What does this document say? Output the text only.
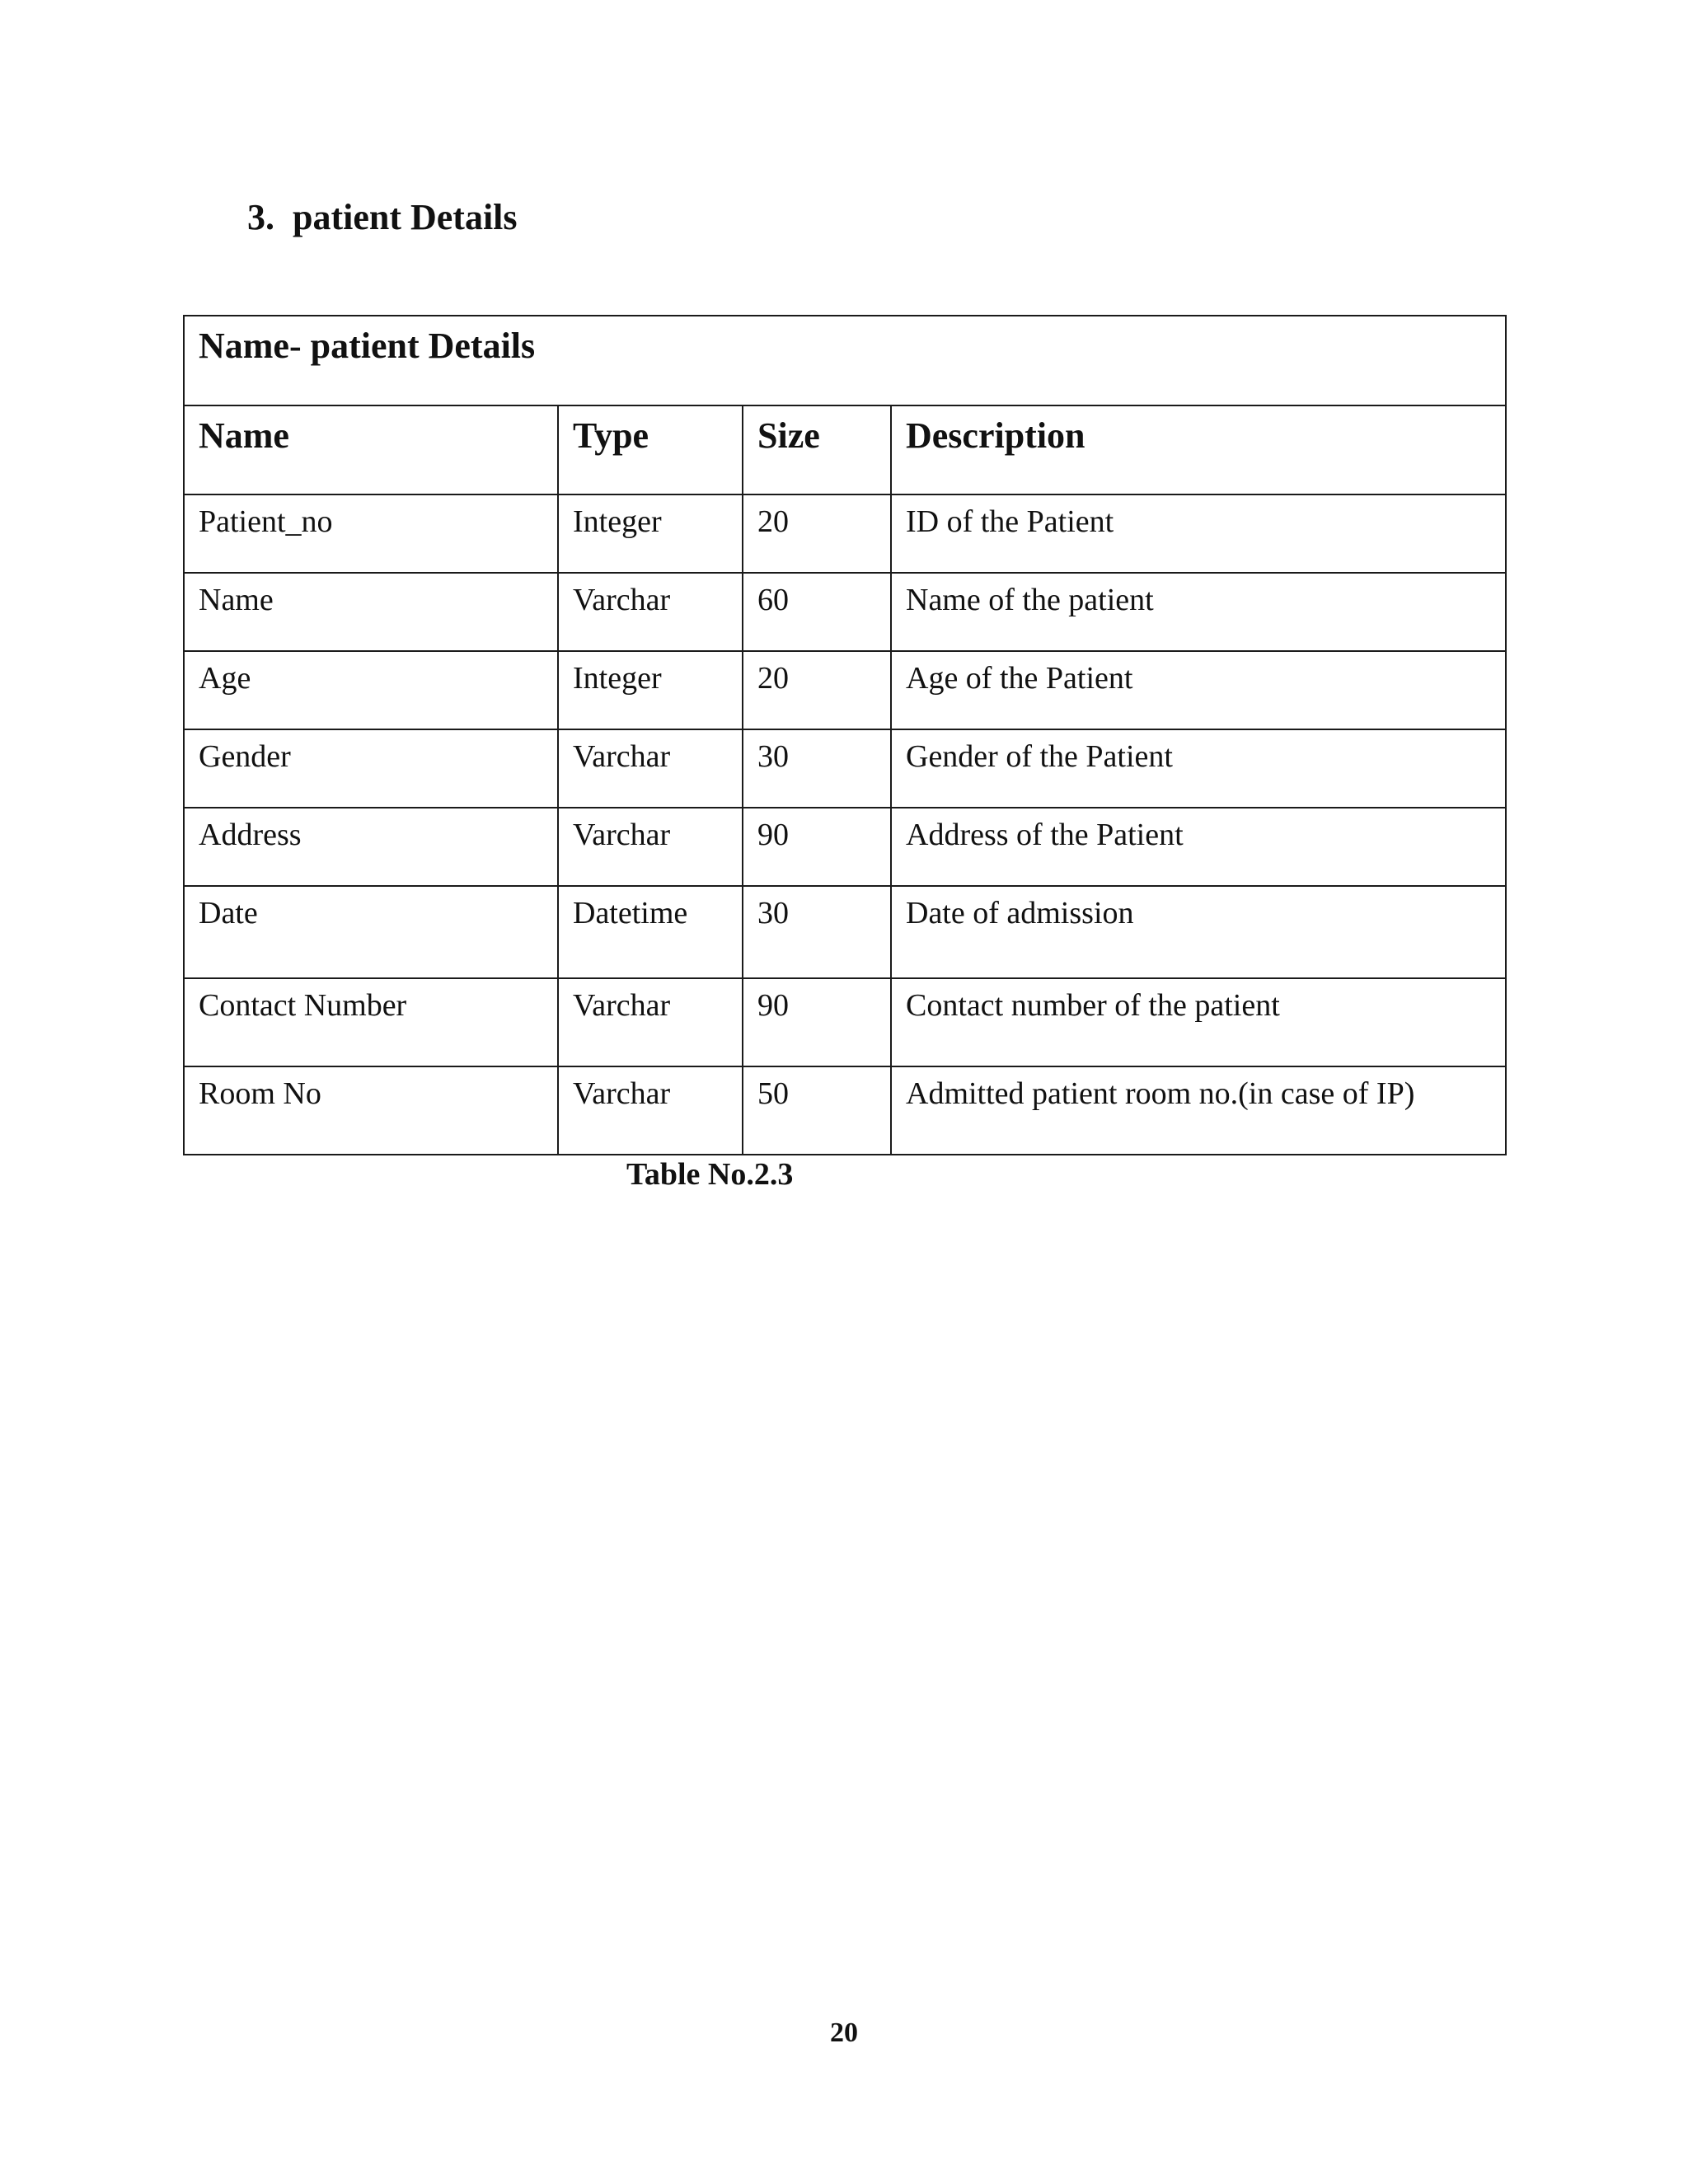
3. patient Details
Name- patient Details			
Name	Type	Size	Description
Patient_no	Integer	20	ID of the Patient
Name	Varchar	60	Name of the patient
Age	Integer	20	Age of the Patient
Gender	Varchar	30	Gender of the Patient
Address	Varchar	90	Address of the Patient
Date	Datetime	30	Date of admission
Contact Number	Varchar	90	Contact number of the patient
Room No	Varchar	50	Admitted patient room no.(in case of IP)
Table No.2.3
20
